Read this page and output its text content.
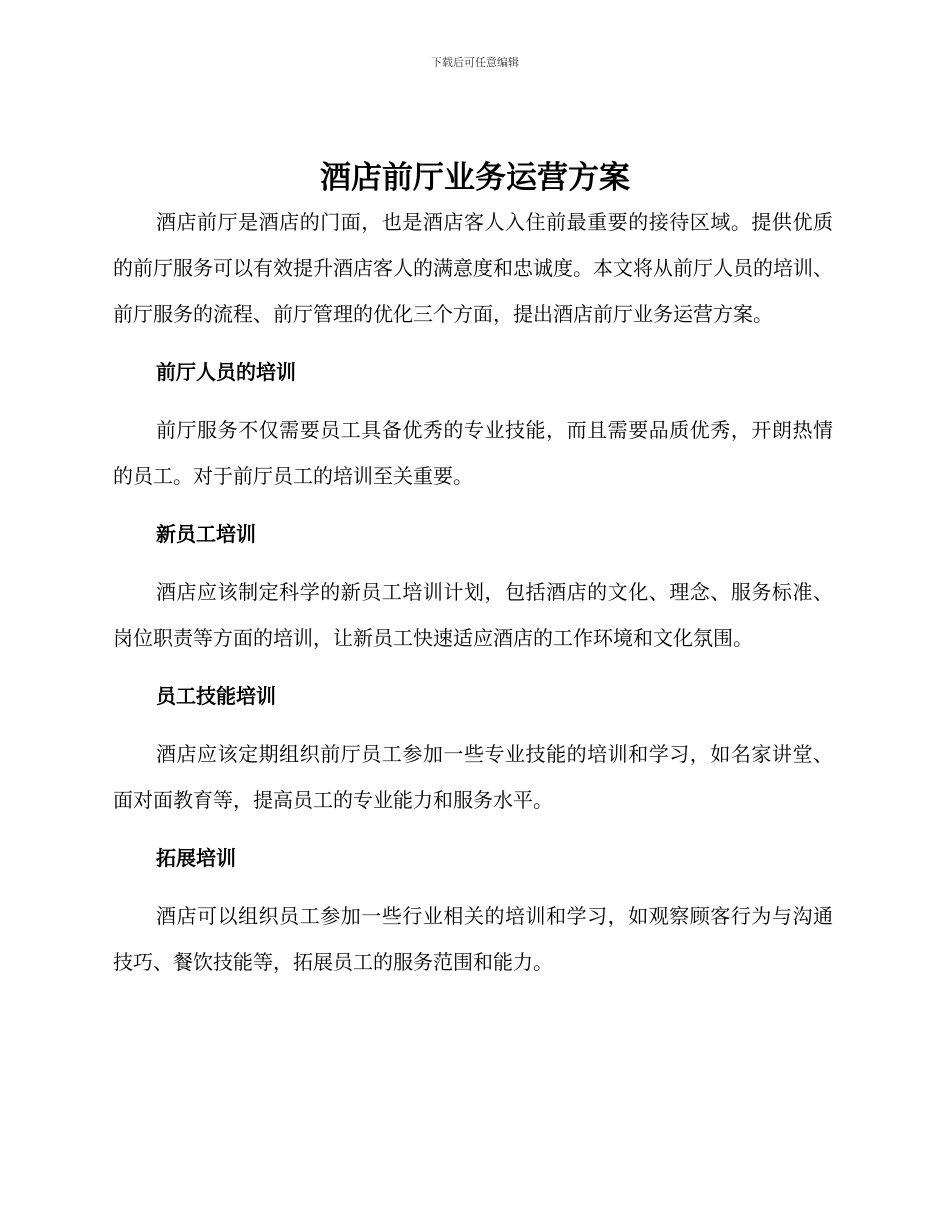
下载后可任意编辑
酒店前厅业务运营方案

酒店前厅是酒店的门面，也是酒店客人入住前最重要的接待区域。提供优质的前厅服务可以有效提升酒店客人的满意度和忠诚度。本文将从前厅人员的培训、前厅服务的流程、前厅管理的优化三个方面，提出酒店前厅业务运营方案。

前厅人员的培训

前厅服务不仅需要员工具备优秀的专业技能，而且需要品质优秀，开朗热情的员工。对于前厅员工的培训至关重要。

新员工培训

酒店应该制定科学的新员工培训计划，包括酒店的文化、理念、服务标准、岗位职责等方面的培训，让新员工快速适应酒店的工作环境和文化氛围。

员工技能培训

酒店应该定期组织前厅员工参加一些专业技能的培训和学习，如名家讲堂、面对面教育等，提高员工的专业能力和服务水平。

拓展培训

酒店可以组织员工参加一些行业相关的培训和学习，如观察顾客行为与沟通技巧、餐饮技能等，拓展员工的服务范围和能力。
